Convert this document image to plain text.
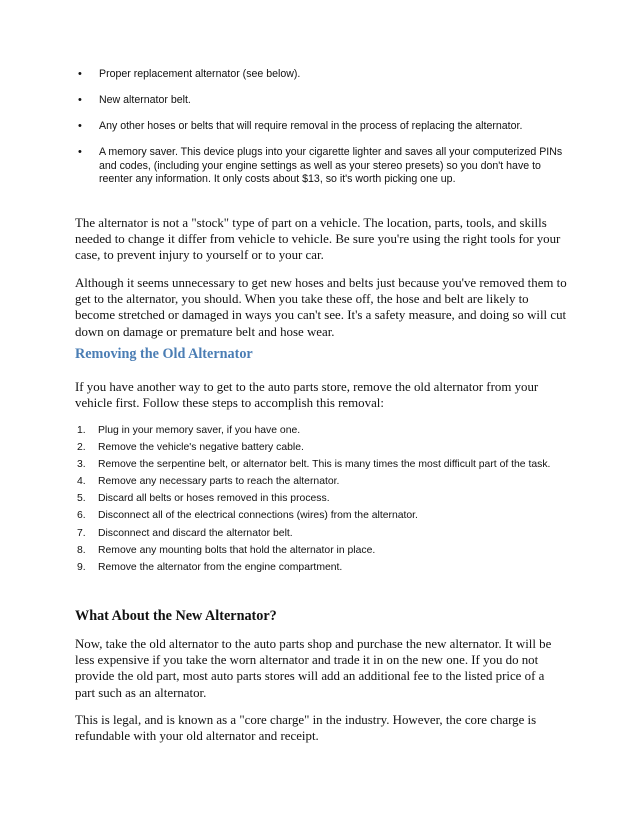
• Proper replacement alternator (see below).
• New alternator belt.
• Any other hoses or belts that will require removal in the process of replacing the alternator.
• A memory saver. This device plugs into your cigarette lighter and saves all your computerized PINs and codes, (including your engine settings as well as your stereo presets) so you don't have to reenter any information. It only costs about $13, so it's worth picking one up.

The alternator is not a "stock" type of part on a vehicle. The location, parts, tools, and skills needed to change it differ from vehicle to vehicle. Be sure you're using the right tools for your case, to prevent injury to yourself or to your car.

Although it seems unnecessary to get new hoses and belts just because you've removed them to get to the alternator, you should. When you take these off, the hose and belt are likely to become stretched or damaged in ways you can't see. It's a safety measure, and doing so will cut down on damage or premature belt and hose wear.

Removing the Old Alternator

If you have another way to get to the auto parts store, remove the old alternator from your vehicle first. Follow these steps to accomplish this removal:

1. Plug in your memory saver, if you have one.
2. Remove the vehicle's negative battery cable.
3. Remove the serpentine belt, or alternator belt. This is many times the most difficult part of the task.
4. Remove any necessary parts to reach the alternator.
5. Discard all belts or hoses removed in this process.
6. Disconnect all of the electrical connections (wires) from the alternator.
7. Disconnect and discard the alternator belt.
8. Remove any mounting bolts that hold the alternator in place.
9. Remove the alternator from the engine compartment.
What About the New Alternator?

Now, take the old alternator to the auto parts shop and purchase the new alternator. It will be less expensive if you take the worn alternator and trade it in on the new one. If you do not provide the old part, most auto parts stores will add an additional fee to the listed price of a part such as an alternator.

This is legal, and is known as a "core charge" in the industry. However, the core charge is refundable with your old alternator and receipt.
